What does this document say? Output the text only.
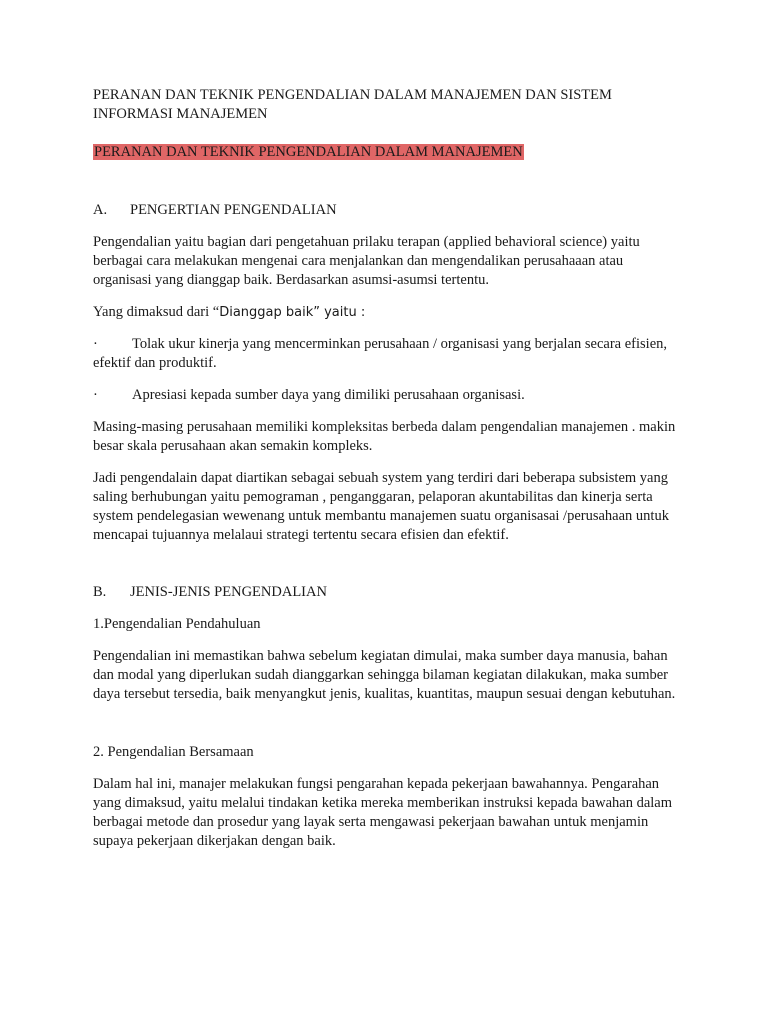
PERANAN DAN TEKNIK PENGENDALIAN DALAM MANAJEMEN DAN SISTEM INFORMASI MANAJEMEN

PERANAN DAN TEKNIK PENGENDALIAN DALAM MANAJEMEN

A.	PENGERTIAN PENGENDALIAN

Pengendalian yaitu bagian dari pengetahuan prilaku terapan (applied behavioral science) yaitu berbagai cara melakukan mengenai cara menjalankan dan mengendalikan perusahaaan atau organisasi yang dianggap baik. Berdasarkan asumsi-asumsi tertentu.

Yang dimaksud dari “Dianggap baik” yaitu :

·	Tolak ukur kinerja yang mencerminkan perusahaan / organisasi yang berjalan secara efisien, efektif dan produktif.
·	Apresiasi kepada sumber daya yang dimiliki perusahaan organisasi.

Masing-masing perusahaan memiliki kompleksitas berbeda dalam pengendalian manajemen . makin besar skala perusahaan akan semakin kompleks.

Jadi pengendalain dapat diartikan sebagai sebuah system yang terdiri dari beberapa subsistem yang saling berhubungan yaitu pemograman , penganggaran, pelaporan akuntabilitas dan kinerja serta system pendelegasian wewenang untuk membantu manajemen suatu organisasai /perusahaan untuk mencapai tujuannya melalaui strategi tertentu secara efisien dan efektif.

B.	JENIS-JENIS PENGENDALIAN

1.Pengendalian Pendahuluan

Pengendalian ini memastikan bahwa sebelum kegiatan dimulai, maka sumber daya manusia, bahan dan modal yang diperlukan sudah dianggarkan sehingga bilaman kegiatan dilakukan, maka sumber daya tersebut tersedia, baik menyangkut jenis, kualitas, kuantitas, maupun sesuai dengan kebutuhan.

2. Pengendalian Bersamaan

Dalam hal ini, manajer melakukan fungsi pengarahan kepada pekerjaan bawahannya. Pengarahan yang dimaksud, yaitu melalui tindakan ketika mereka memberikan instruksi kepada bawahan dalam berbagai metode dan prosedur yang layak serta mengawasi pekerjaan bawahan untuk menjamin supaya pekerjaan dikerjakan dengan baik.
